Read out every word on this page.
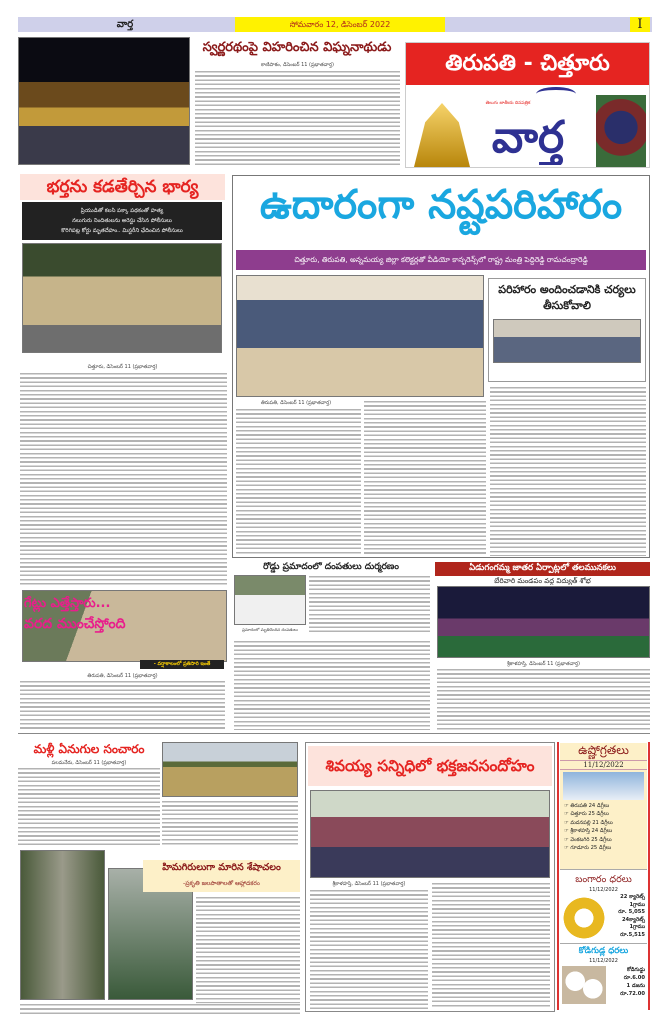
వార్త	సోమవారం 12, డిసెంబర్ 2022	I
స్వర్ణరథంపై విహరించిన విఘ్ననాథుడు
కాణిపాకం, డిసెంబర్ 11 (ప్రభాతవార్త)	తిరుపతి - చిత్తూరు
తెలుగు జాతీయ దినపత్రిక
వార్త
భర్తను కడతేర్చిన భార్య
ప్రియుడితో కలసి పక్కా పథకంతో హత్య
నలుగురు నిందితులను అరెస్టు చేసిన పోలీసులు
కొరిగిపట్ల కోర్టు మృతదేహం.. మిస్టరీని ఛేదించిన పోలీసులు
చిత్తూరు, డిసెంబర్ 11 (ప్రభాతవార్త)
ఉదారంగా నష్టపరిహారం
చిత్తూరు, తిరుపతి, అన్నమయ్య జిల్లా కలెక్టర్లతో వీడియో కాన్ఫరెన్స్‌లో రాష్ట్ర మంత్రి పెద్దిరెడ్డి రామచంద్రారెడ్డి
పరిహారం అందించడానికి చర్యలు తీసుకోవాలి
తిరుపతి, డిసెంబర్ 11 (ప్రభాతవార్త)
గేట్లు ఎత్తేస్తారు...
వరద ముంచేస్తోంది
- వర్షాకాలంలో ప్రతిసారి ఇంతే
తిరుపతి, డిసెంబర్ 11 (ప్రభాతవార్త)
రోడ్డు ప్రమాదంలో దంపతులు దుర్మరణం
ప్రమాదంలో మృతిచెందిన దంపతులు
ఏడుగంగమ్మ జాతర ఏర్పాట్లలో తలమునకలు
బేరివారి మండపం వద్ద విద్యుత్ శోభ
శ్రీకాళహస్తి, డిసెంబర్ 11 (ప్రభాతవార్త)
మళ్లీ ఏనుగుల సంచారం
పలమనేరు, డిసెంబర్ 11 (ప్రభాతవార్త)	శివయ్య సన్నిధిలో భక్తజనసందోహం
శ్రీకాళహస్తి, డిసెంబర్ 11 (ప్రభాతవార్త)
హిమగిరులుగా మారిన శేషాచలం
-ప్రకృతి జలపాతాలతో ఆహ్లాదకరం
ఉష్ణోగ్రతలు
11/12/2022
☞ తిరుపతి 24 డిగ్రీలు
☞ చిత్తూరు 25 డిగ్రీలు
☞ మదనపల్లి 21 డిగ్రీలు
☞ శ్రీకాళహస్తి 24 డిగ్రీలు
☞ వెంకటగిరి 25 డిగ్రీలు
☞ గూడూరు 25 డిగ్రీలు
బంగారం ధరలు
11/12/2022
22 క్యారెట్స్
1గ్రాము
రూ. 5,055
24క్యారెట్స్
1గ్రాము
రూ.5,515
కోడిగుడ్ల ధరలు
11/12/2022
కోడిగుడ్డు
రూ.6.00
1 డజను
రూ.72.00
